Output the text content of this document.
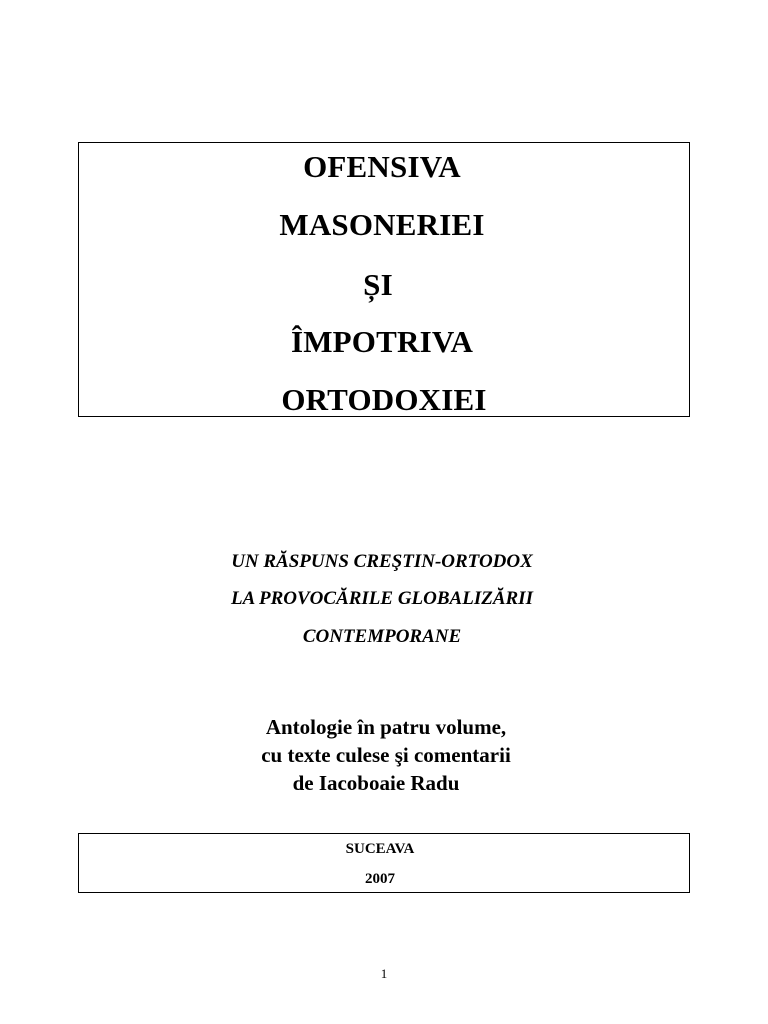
OFENSIVA
MASONERIEI
ȘI
ÎMPOTRIVA
ORTODOXIEI
UN RĂSPUNS CREŞTIN-ORTODOX
LA PROVOCĂRILE GLOBALIZĂRII
CONTEMPORANE
Antologie în patru volume,
cu texte culese şi comentarii
de Iacoboaie Radu
SUCEAVA
2007
1
